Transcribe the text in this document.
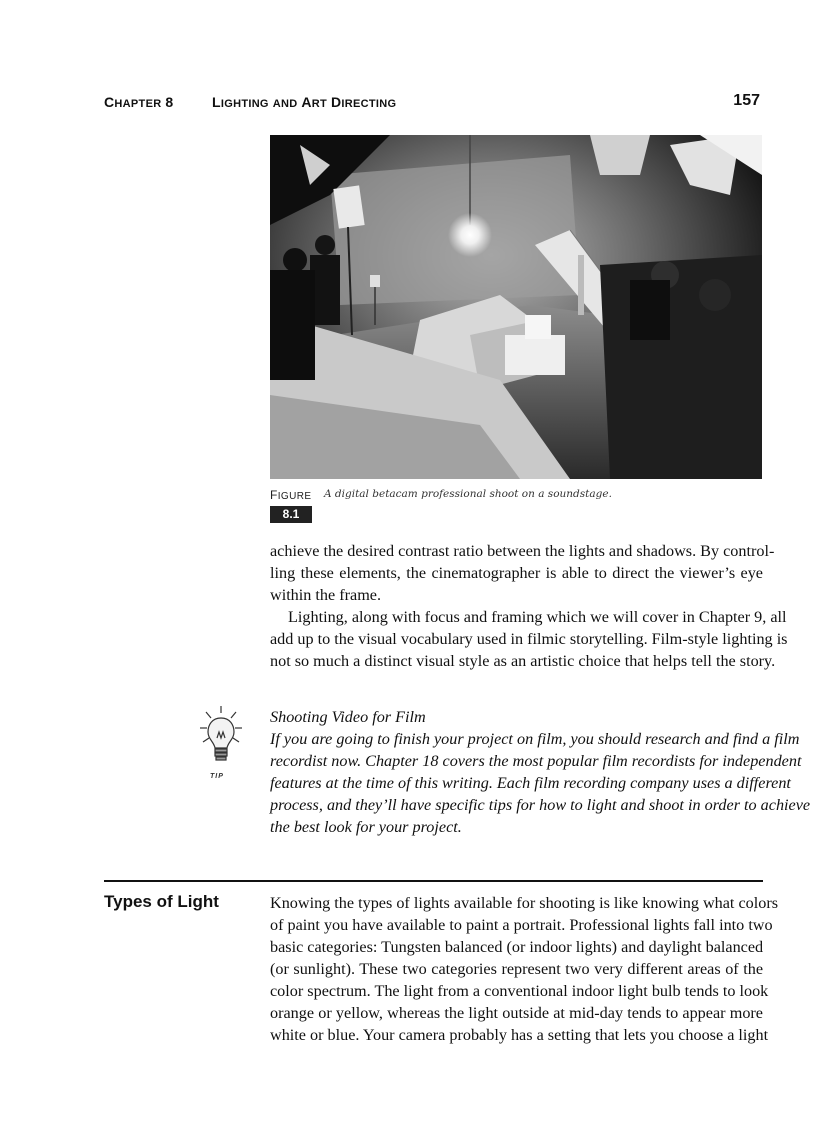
CHAPTER 8	LIGHTING AND ART DIRECTING	157
FIGURE
8.1
A digital betacam professional shoot on a soundstage.
achieve the desired contrast ratio between the lights and shadows. By control-
ling these elements, the cinematographer is able to direct the viewer’s eye
within the frame.
Lighting, along with focus and framing which we will cover in Chapter 9, all
add up to the visual vocabulary used in filmic storytelling. Film-style lighting is
not so much a distinct visual style as an artistic choice that helps tell the story.
TIP
Shooting Video for Film
If you are going to finish your project on film, you should research and find a film
recordist now. Chapter 18 covers the most popular film recordists for independent
features at the time of this writing. Each film recording company uses a different
process, and they’ll have specific tips for how to light and shoot in order to achieve
the best look for your project.
Types of Light	Knowing the types of lights available for shooting is like knowing what colors
of paint you have available to paint a portrait. Professional lights fall into two
basic categories: Tungsten balanced (or indoor lights) and daylight balanced
(or sunlight). These two categories represent two very different areas of the
color spectrum. The light from a conventional indoor light bulb tends to look
orange or yellow, whereas the light outside at mid-day tends to appear more
white or blue. Your camera probably has a setting that lets you choose a light
